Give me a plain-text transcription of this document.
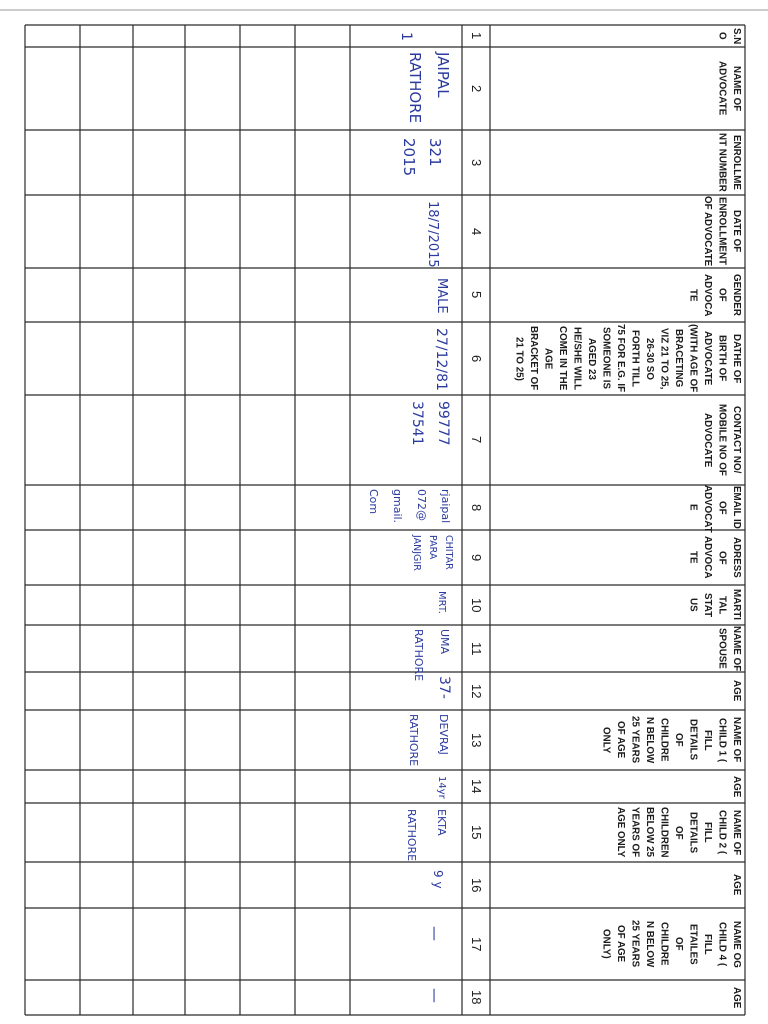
S.N
O
NAME OF
ADVOCATE
ENROLLME
NT NUMBER
DATE OF
ENROLLMENT
OF ADVOCATE
GENDER
OF
ADVOCA
TE
DATHE OF
BIRTH OF
ADVOCATE
(WITH AGE OF
BRACETING
VIZ 21 TO 25,
26-30 SO
FORTH TILL
75 FOR E.G. IF
SOMEONE IS
AGED 23
HE/SHE WILL
COME IN THE
AGE
BRACKET OF
21 TO 25)
CONTACT NO/
MOBILE NO OF
ADVOCATE
EMAIL ID
OF
ADVOCAT
E
ADRESS
OF
ADVOCA
TE
MARTI
TAL
STAT
US
NAME OF
SPOUSE
AGE
NAME OF
CHILD 1 (
FILL
DETAILS
OF
CHILDRE
N BELOW
25 YEARS
OF AGE
ONLY
AGE
NAME OF
CHILD 2 (
FILL
DETAILS
OF
CHILDREN
BELOW 25
YEARS OF
AGE ONLY
AGE
NAME OG
CHILD 4 (
FILL
ETAILES
OF
CHILDRE
N BELOW
25 YEARS
OF AGE
ONLY)
AGE
1
2
3
4
5
6
7
8
9
10
11
12
13
14
15
16
17
18
1
JAIPAL
RATHORE
321
2015
18/7/2015
MALE
27/12/81
99777
37541
rjaipal
072@
gmail.
Com
CHITAR
PARA
JANJGIR
MRT.
UMA
RATHORE
37-
DEVRAJ
RATHORE
14yr
EKTA
RATHORE
9 y
—
—
